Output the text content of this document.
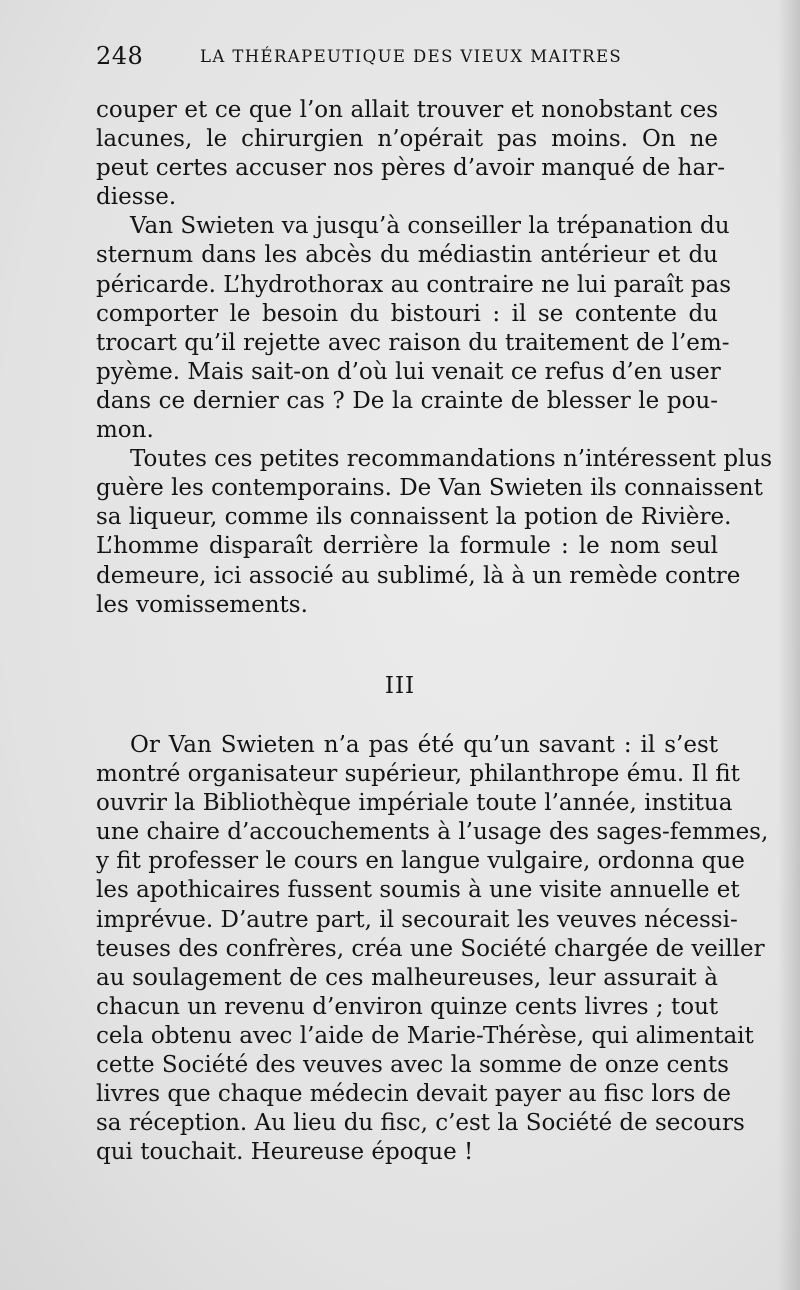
248	LA THÉRAPEUTIQUE DES VIEUX MAITRES
couper et ce que l’on allait trouver et nonobstant ces
lacunes, le chirurgien n’opérait pas moins. On ne
peut certes accuser nos pères d’avoir manqué de har-
diesse.
Van Swieten va jusqu’à conseiller la trépanation du
sternum dans les abcès du médiastin antérieur et du
péricarde. L’hydrothorax au contraire ne lui paraît pas
comporter le besoin du bistouri : il se contente du
trocart qu’il rejette avec raison du traitement de l’em-
pyème. Mais sait-on d’où lui venait ce refus d’en user
dans ce dernier cas ? De la crainte de blesser le pou-
mon.
Toutes ces petites recommandations n’intéressent plus
guère les contemporains. De Van Swieten ils connaissent
sa liqueur, comme ils connaissent la potion de Rivière.
L’homme disparaît derrière la formule : le nom seul
demeure, ici associé au sublimé, là à un remède contre
les vomissements.
III
Or Van Swieten n’a pas été qu’un savant : il s’est
montré organisateur supérieur, philanthrope ému. Il fit
ouvrir la Bibliothèque impériale toute l’année, institua
une chaire d’accouchements à l’usage des sages-femmes,
y fit professer le cours en langue vulgaire, ordonna que
les apothicaires fussent soumis à une visite annuelle et
imprévue. D’autre part, il secourait les veuves nécessi-
teuses des confrères, créa une Société chargée de veiller
au soulagement de ces malheureuses, leur assurait à
chacun un revenu d’environ quinze cents livres ; tout
cela obtenu avec l’aide de Marie-Thérèse, qui alimentait
cette Société des veuves avec la somme de onze cents
livres que chaque médecin devait payer au fisc lors de
sa réception. Au lieu du fisc, c’est la Société de secours
qui touchait. Heureuse époque !
